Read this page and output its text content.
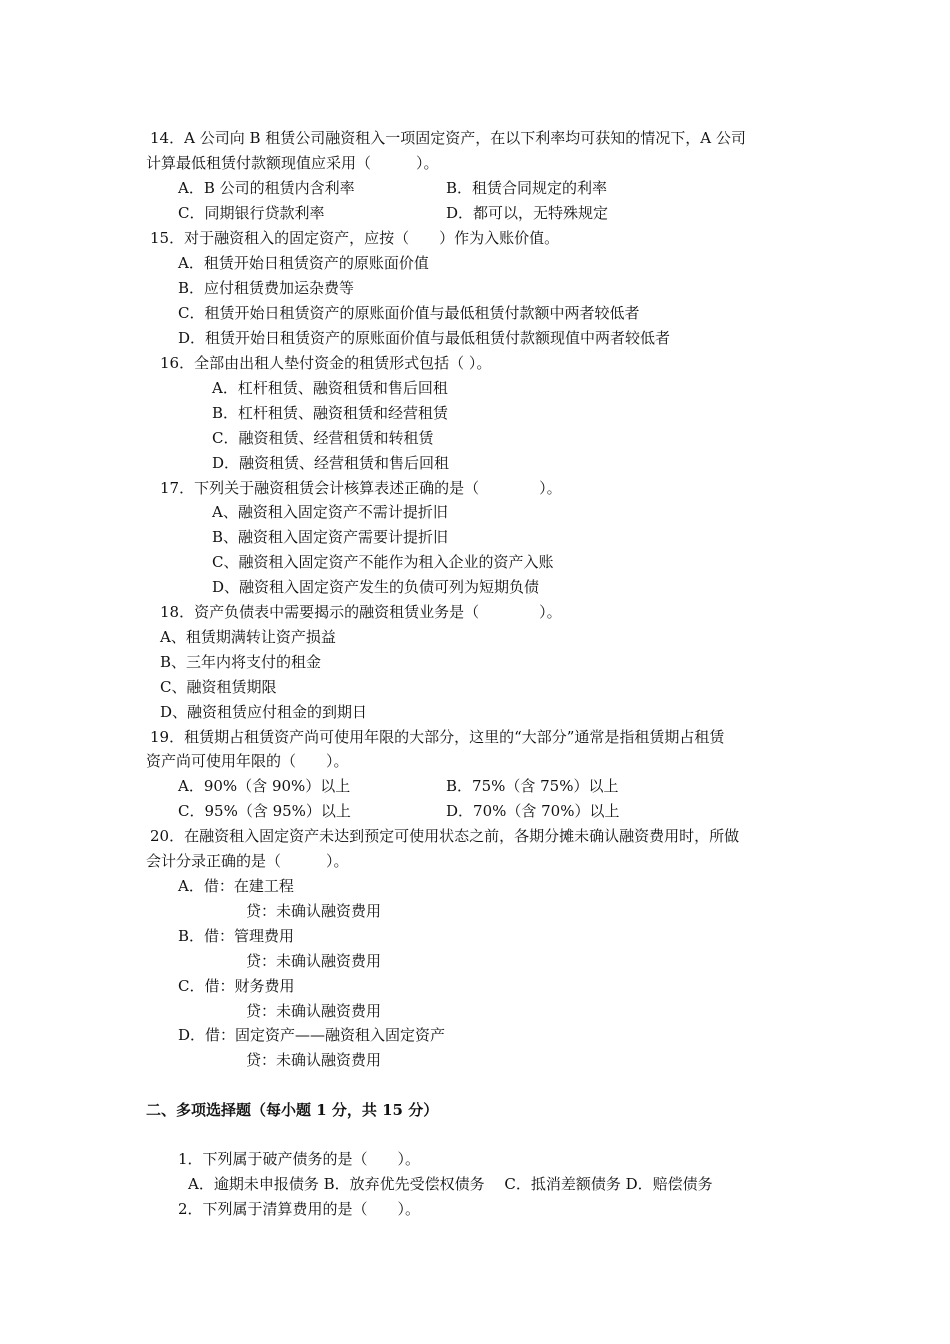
14．A 公司向 B 租赁公司融资租入一项固定资产，在以下利率均可获知的情况下，A 公司
计算最低租赁付款额现值应采用（　　　）。
A．B 公司的租赁内含利率	B．租赁合同规定的利率
C．同期银行贷款利率	D．都可以，无特殊规定
15．对于融资租入的固定资产，应按（　　）作为入账价值。
A．租赁开始日租赁资产的原账面价值
B．应付租赁费加运杂费等
C．租赁开始日租赁资产的原账面价值与最低租赁付款额中两者较低者
D．租赁开始日租赁资产的原账面价值与最低租赁付款额现值中两者较低者
16．全部由出租人垫付资金的租赁形式包括（ ）。
A．杠杆租赁、融资租赁和售后回租
B．杠杆租赁、融资租赁和经营租赁
C．融资租赁、经营租赁和转租赁
D．融资租赁、经营租赁和售后回租
17．下列关于融资租赁会计核算表述正确的是（　　　　）。
A、融资租入固定资产不需计提折旧
B、融资租入固定资产需要计提折旧
C、融资租入固定资产不能作为租入企业的资产入账
D、融资租入固定资产发生的负债可列为短期负债
18．资产负债表中需要揭示的融资租赁业务是（　　　　）。
A、租赁期满转让资产损益
B、三年内将支付的租金
C、融资租赁期限
D、融资租赁应付租金的到期日
19．租赁期占租赁资产尚可使用年限的大部分，这里的“大部分”通常是指租赁期占租赁
资产尚可使用年限的（　　）。
A．90%（含 90%）以上	B．75%（含 75%）以上
C．95%（含 95%）以上	D．70%（含 70%）以上
20．在融资租入固定资产未达到预定可使用状态之前，各期分摊未确认融资费用时，所做
会计分录正确的是（　　　）。
A．借：在建工程
贷：未确认融资费用
B．借：管理费用
贷：未确认融资费用
C．借：财务费用
贷：未确认融资费用
D．借：固定资产——融资租入固定资产
贷：未确认融资费用
二、多项选择题（每小题 1 分，共 15 分）
1．下列属于破产债务的是（　　）。
A．逾期未申报债务 B．放弃优先受偿权债务　 C．抵消差额债务 D．赔偿债务
2．下列属于清算费用的是（　　）。
